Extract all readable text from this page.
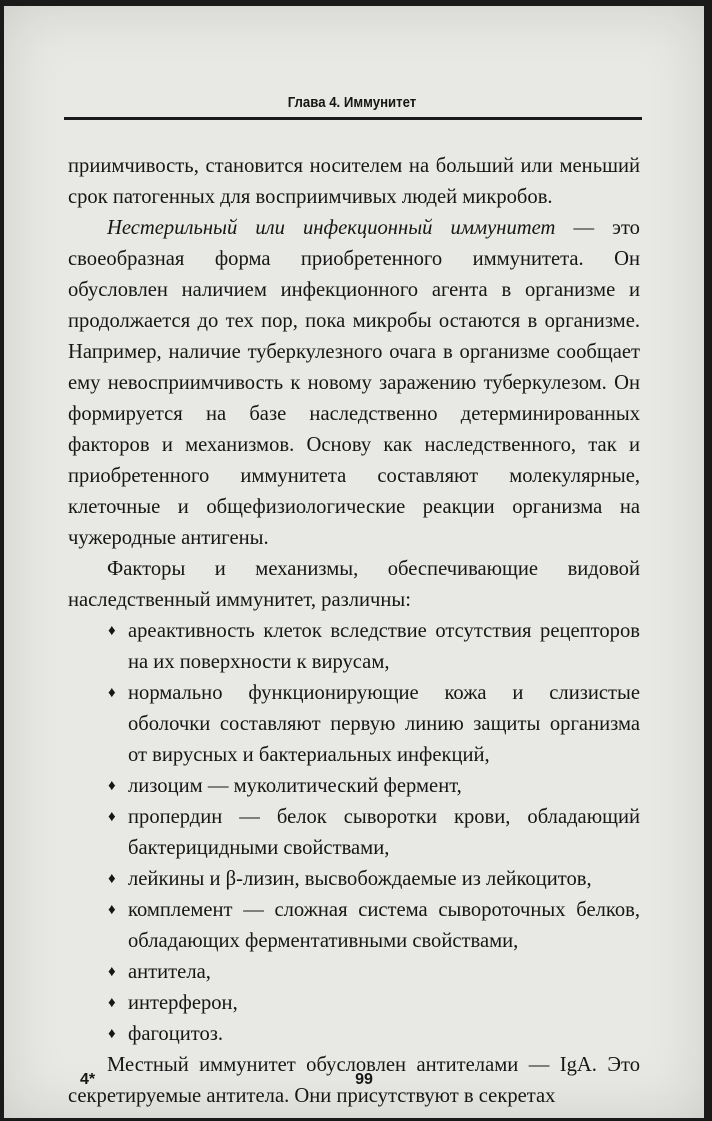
Глава 4. Иммунитет

приимчивость, становится носителем на больший или меньший срок патогенных для восприимчивых людей микробов.

Нестерильный или инфекционный иммунитет — это своеобразная форма приобретенного иммунитета. Он обусловлен наличием инфекционного агента в организме и продолжается до тех пор, пока микробы остаются в организме. Например, наличие туберкулезного очага в организме сообщает ему невосприимчивость к новому заражению туберкулезом. Он формируется на базе наследственно детерминированных факторов и механизмов. Основу как наследственного, так и приобретенного иммунитета составляют молекулярные, клеточные и общефизиологические реакции организма на чужеродные антигены.

Факторы и механизмы, обеспечивающие видовой наследственный иммунитет, различны:

♦ ареактивность клеток вследствие отсутствия рецепторов на их поверхности к вирусам,
♦ нормально функционирующие кожа и слизистые оболочки составляют первую линию защиты организма от вирусных и бактериальных инфекций,
♦ лизоцим — муколитический фермент,
♦ пропердин — белок сыворотки крови, обладающий бактерицидными свойствами,
♦ лейкины и β-лизин, высвобождаемые из лейкоцитов,
♦ комплемент — сложная система сывороточных белков, обладающих ферментативными свойствами,
♦ антитела,
♦ интерферон,
♦ фагоцитоз.

Местный иммунитет обусловлен антителами — IgA. Это секретируемые антитела. Они присутствуют в секретах

4*	99
